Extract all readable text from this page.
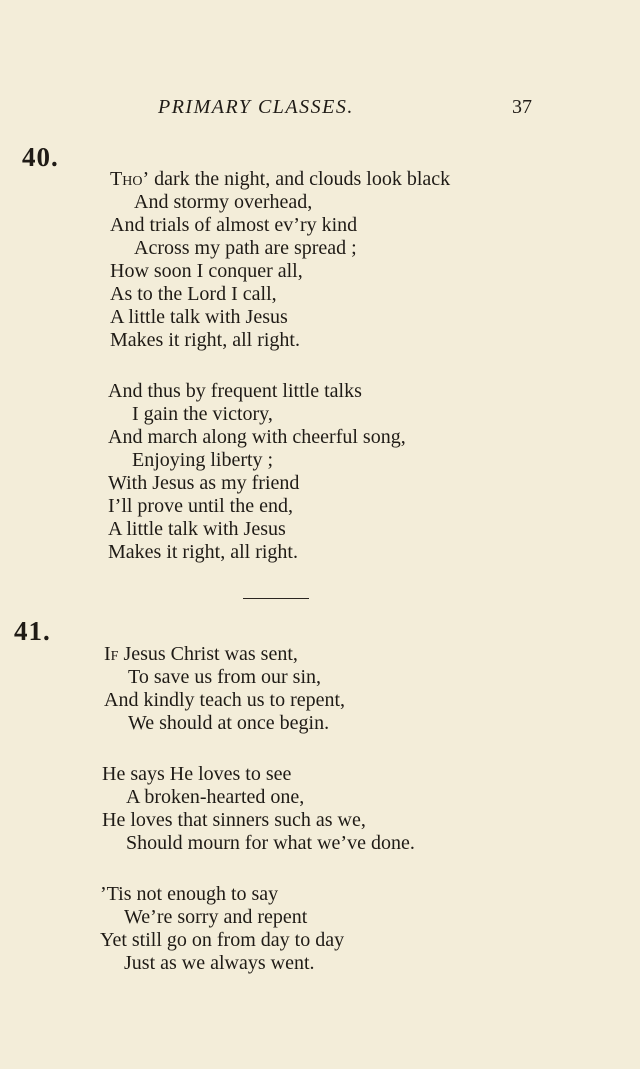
PRIMARY CLASSES.	37
40.
Tho’ dark the night, and clouds look black
And stormy overhead,
And trials of almost ev’ry kind
Across my path are spread ;
How soon I conquer all,
As to the Lord I call,
A little talk with Jesus
Makes it right, all right.
And thus by frequent little talks
I gain the victory,
And march along with cheerful song,
Enjoying liberty ;
With Jesus as my friend
I’ll prove until the end,
A little talk with Jesus
Makes it right, all right.
41.
If Jesus Christ was sent,
To save us from our sin,
And kindly teach us to repent,
We should at once begin.
He says He loves to see
A broken-hearted one,
He loves that sinners such as we,
Should mourn for what we’ve done.
’Tis not enough to say
We’re sorry and repent
Yet still go on from day to day
Just as we always went.
